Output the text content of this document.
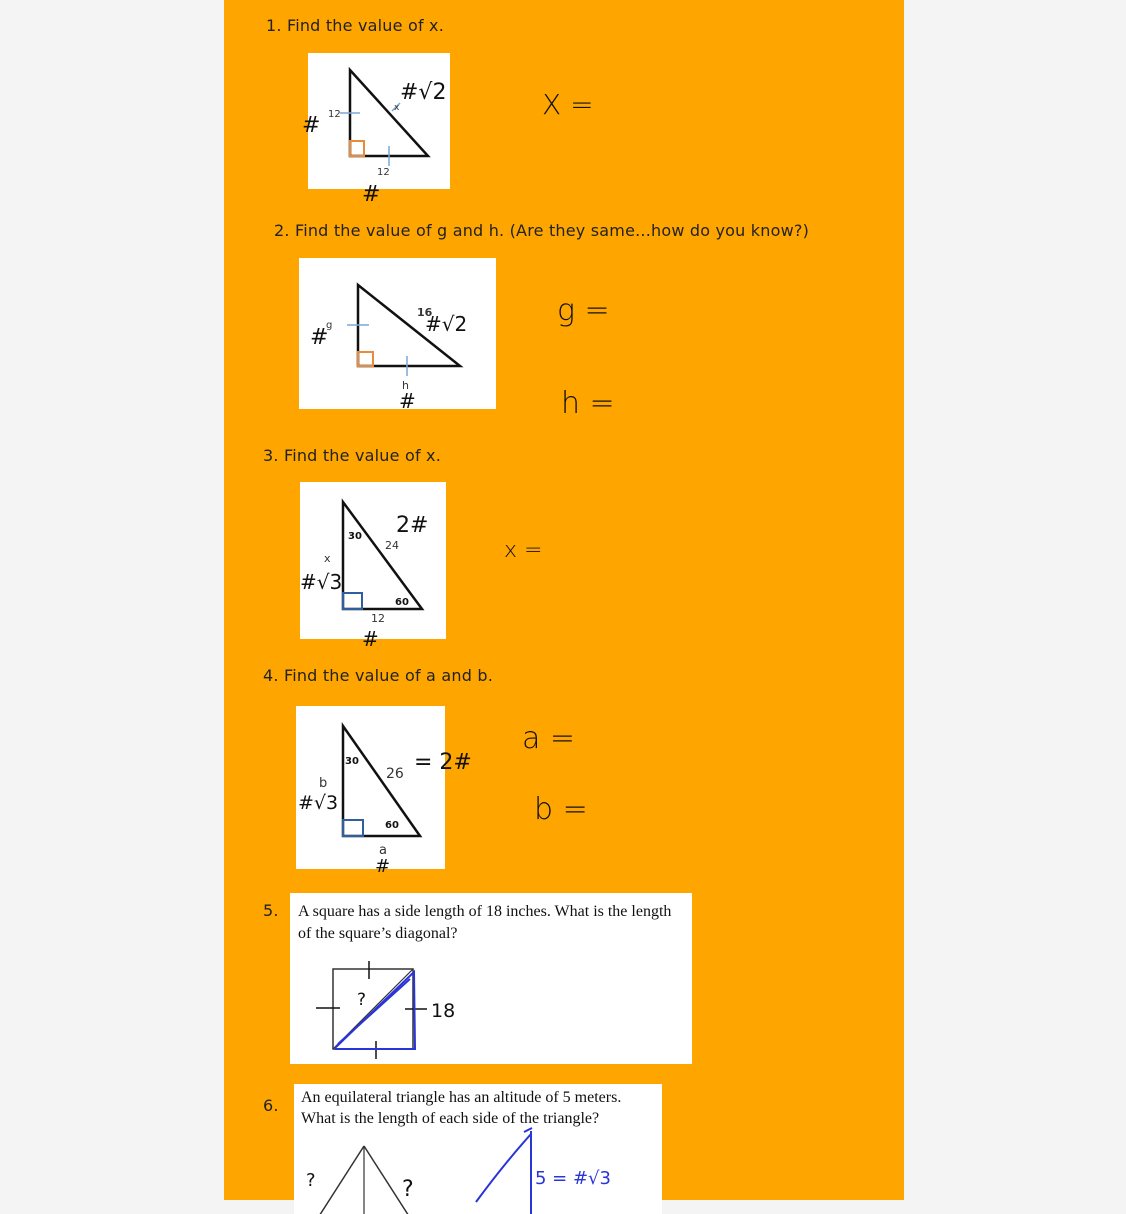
1. Find the value of x.
12
12
x
#
#
#√2	X =
2. Find the value of g and h. (Are they same...how do you know?)
16
g
h
#
#
#√2	g =
h =
3. Find the value of x.
30
24
x
12
60
2#
#√3
#
x =
4. Find the value of a and b.
30
26
b
60
a
= 2#
#√3
#
a =
b =
5. A square has a side length of 18 inches. What is the length of the square’s diagonal?
?	18
6. An equilateral triangle has an altitude of 5 meters. What is the length of each side of the triangle?
?	?	5 = #√3
